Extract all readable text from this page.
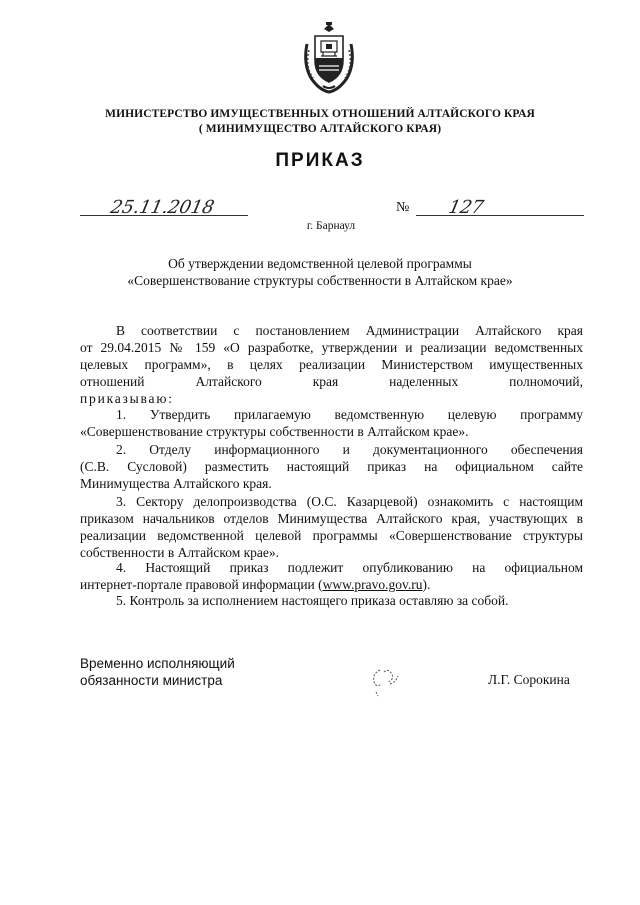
МИНИСТЕРСТВО ИМУЩЕСТВЕННЫХ ОТНОШЕНИЙ АЛТАЙСКОГО КРАЯ
( МИНИМУЩЕСТВО АЛТАЙСКОГО КРАЯ)
ПРИКАЗ
25.11.2018	№ 127
г. Барнаул
Об утверждении ведомственной целевой программы
«Совершенствование структуры собственности в Алтайском крае»
В соответствии с постановлением Администрации Алтайского края
от 29.04.2015 № 159 «О разработке, утверждении и реализации ведомственных
целевых программ», в целях реализации Министерством имущественных
отношений Алтайского края наделенных полномочий,
приказываю:
1. Утвердить прилагаемую ведомственную целевую программу
«Совершенствование структуры собственности в Алтайском крае».
2. Отделу информационного и документационного обеспечения
(С.В. Сусловой) разместить настоящий приказ на официальном сайте
Минимущества Алтайского края.
3. Сектору делопроизводства (О.С. Казарцевой) ознакомить с настоящим
приказом начальников отделов Минимущества Алтайского края, участвующих в
реализации ведомственной целевой программы «Совершенствование структуры
собственности в Алтайском крае».
4. Настоящий приказ подлежит опубликованию на официальном
интернет-портале правовой информации (www.pravo.gov.ru).
5. Контроль за исполнением настоящего приказа оставляю за собой.
Временно исполняющий
обязанности министра	Л.Г. Сорокина
